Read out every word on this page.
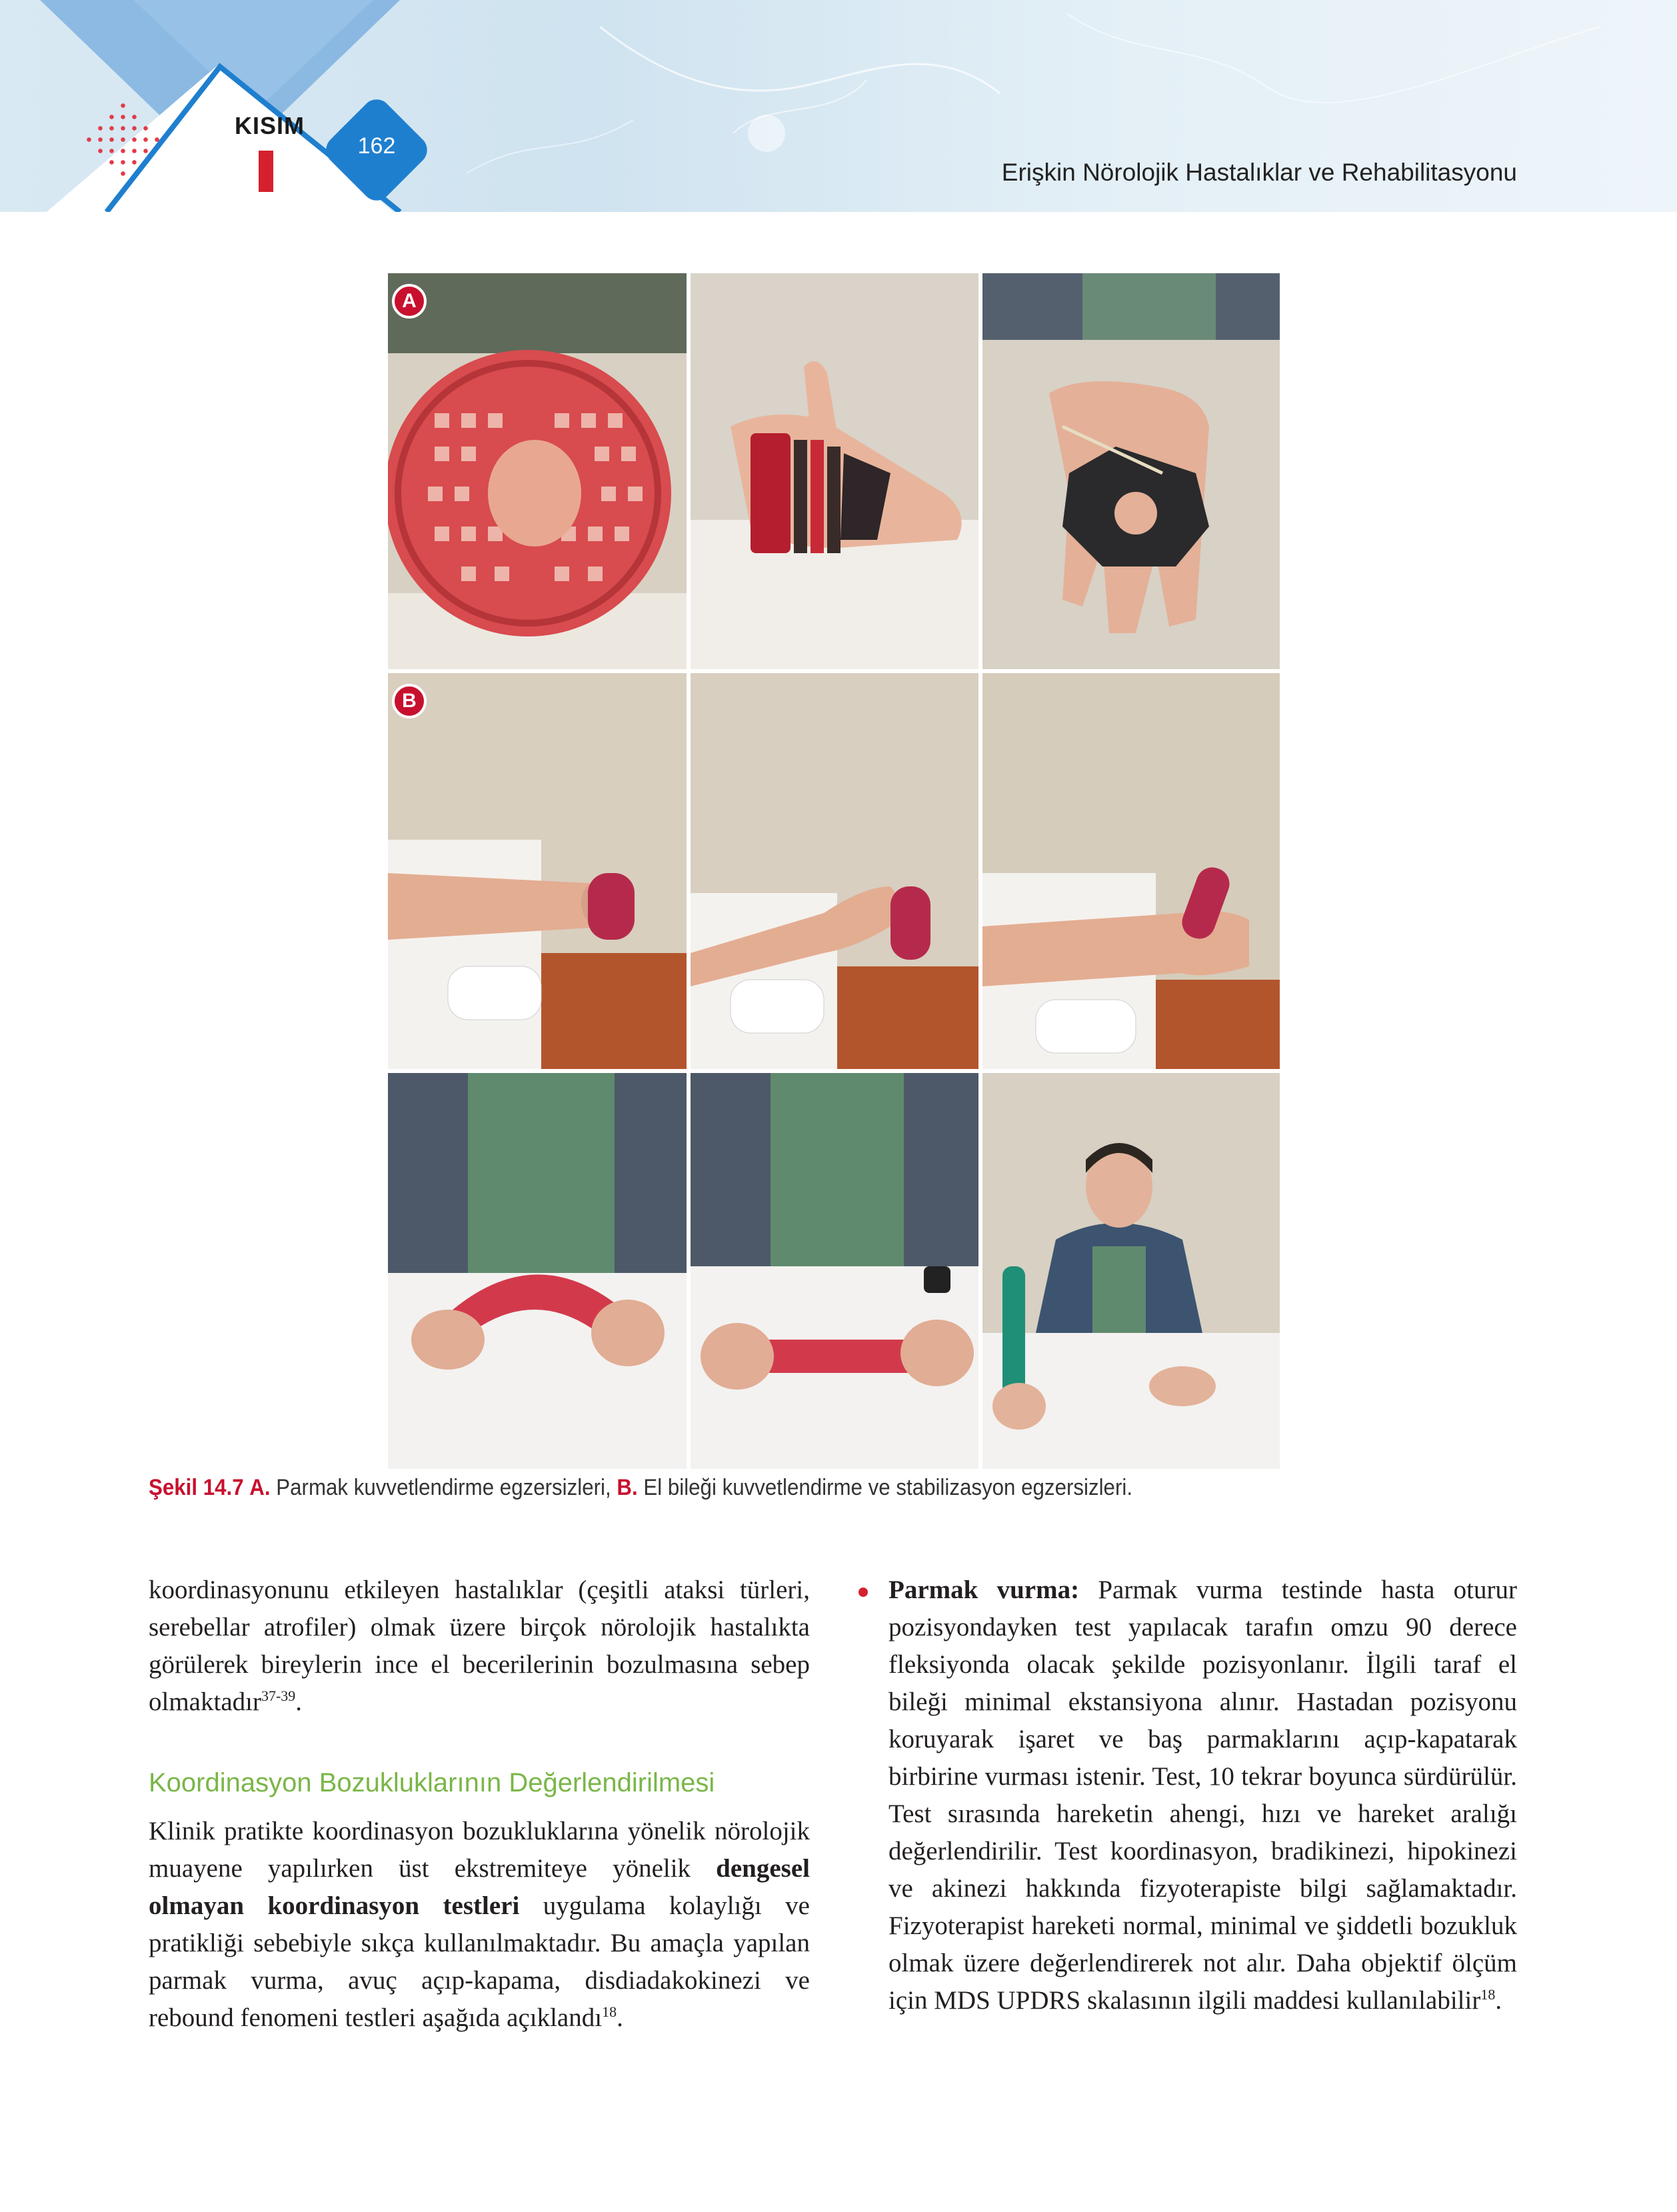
KISIM
162
Erişkin Nörolojik Hastalıklar ve Rehabilitasyonu
A
B
Şekil 14.7 A. Parmak kuvvetlendirme egzersizleri, B. El bileği kuvvetlendirme ve stabilizasyon egzersizleri.

koordinasyonunu etkileyen hastalıklar (çeşitli ataksi türleri, serebellar atrofiler) olmak üzere birçok nörolojik hastalıkta görülerek bireylerin ince el becerilerinin bozulmasına sebep olmaktadır$^{37-39}$.

Koordinasyon Bozukluklarının Değerlendirilmesi

Klinik pratikte koordinasyon bozukluklarına yönelik nörolojik muayene yapılırken üst ekstremiteye yönelik dengesel olmayan koordinasyon testleri uygulama kolaylığı ve pratikliği sebebiyle sıkça kullanılmaktadır. Bu amaçla yapılan parmak vurma, avuç açıp-kapama, disdiadakokinezi ve rebound fenomeni testleri aşağıda açıklandı$^{18}$.

Parmak vurma: Parmak vurma testinde hasta oturur pozisyondayken test yapılacak tarafın omzu 90 derece fleksiyonda olacak şekilde pozisyonlanır. İlgili taraf el bileği minimal ekstansiyona alınır. Hastadan pozisyonu koruyarak işaret ve baş parmaklarını açıp-kapatarak birbirine vurması istenir. Test, 10 tekrar boyunca sürdürülür. Test sırasında hareketin ahengi, hızı ve hareket aralığı değerlendirilir. Test koordinasyon, bradikinezi, hipokinezi ve akinezi hakkında fizyoterapiste bilgi sağlamaktadır. Fizyoterapist hareketi normal, minimal ve şiddetli bozukluk olmak üzere değerlendirerek not alır. Daha objektif ölçüm için MDS UPDRS skalasının ilgili maddesi kullanılabilir$^{18}$.
